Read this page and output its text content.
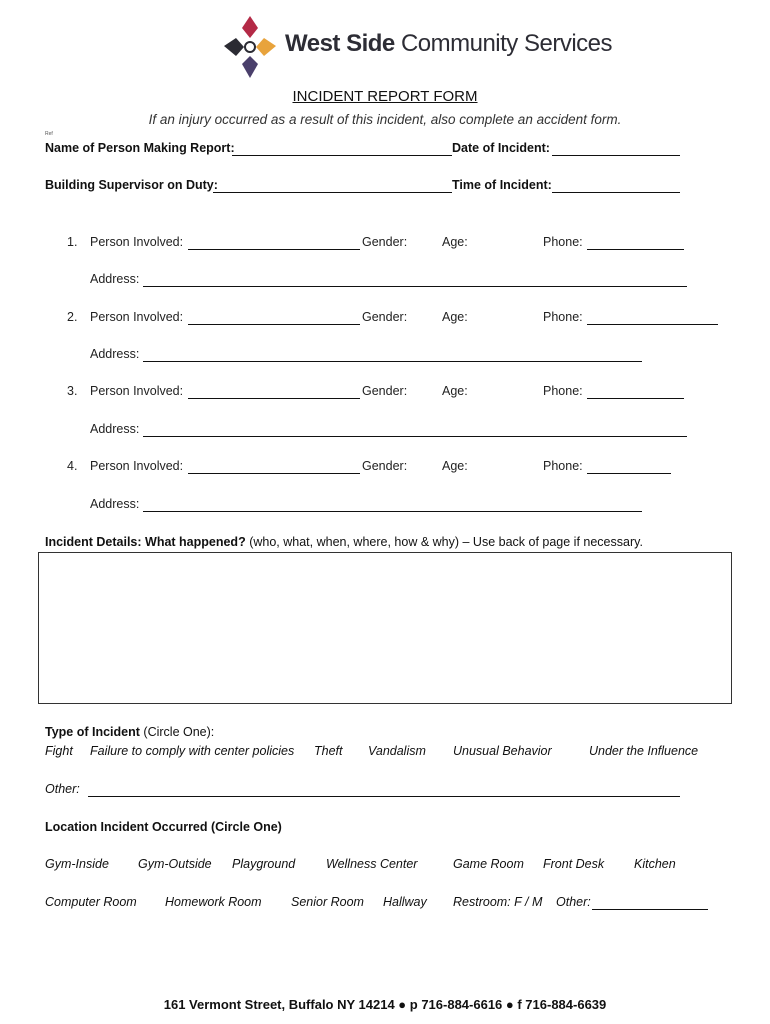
West Side Community Services
INCIDENT REPORT FORM
If an injury occurred as a result of this incident, also complete an accident form.
Ref
Name of Person Making Report:	Date of Incident:
Building Supervisor on Duty:	Time of Incident:
1. Person Involved:	Gender:	Age:	Phone:
Address:
2. Person Involved:	Gender:	Age:	Phone:
Address:
3. Person Involved:	Gender:	Age:	Phone:
Address:
4. Person Involved:	Gender:	Age:	Phone:
Address:
Incident Details: What happened? (who, what, when, where, how & why) – Use back of page if necessary.
Type of Incident (Circle One):
Fight Failure to comply with center policies Theft Vandalism Unusual Behavior	Under the Influence
Other:
Location Incident Occurred (Circle One)
Gym-Inside Gym-Outside Playground Wellness Center	Game Room Front Desk Kitchen
Computer Room Homework Room Senior Room Hallway Restroom: F / M Other:
161 Vermont Street, Buffalo NY 14214 ● p 716-884-6616 ● f 716-884-6639
